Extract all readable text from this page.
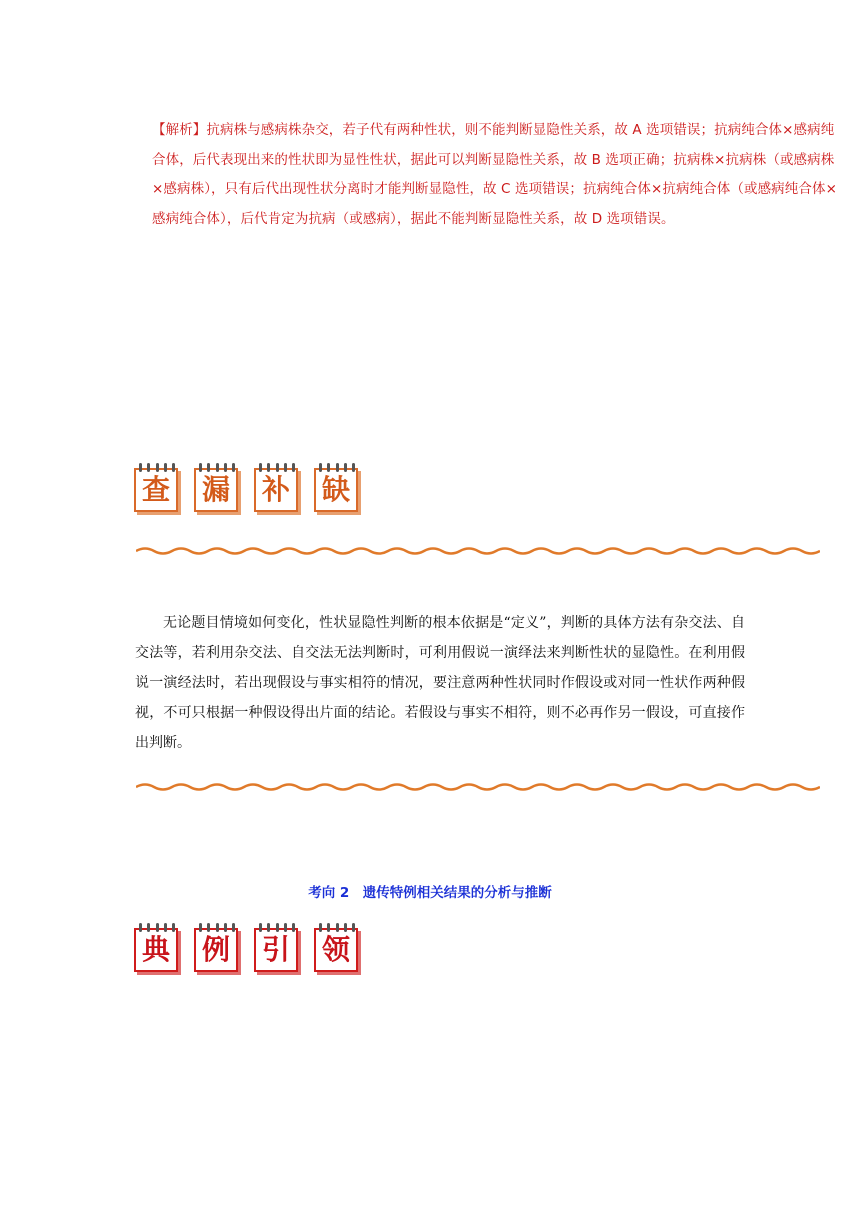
【解析】抗病株与感病株杂交，若子代有两种性状，则不能判断显隐性关系，故 A 选项错误；抗病纯合体×感病纯合体，后代表现出来的性状即为显性性状，据此可以判断显隐性关系，故 B 选项正确；抗病株×抗病株（或感病株×感病株），只有后代出现性状分离时才能判断显隐性，故 C 选项错误；抗病纯合体×抗病纯合体（或感病纯合体×感病纯合体），后代肯定为抗病（或感病），据此不能判断显隐性关系，故 D 选项错误。

查 漏 补 缺

无论题目情境如何变化，性状显隐性判断的根本依据是“定义”，判断的具体方法有杂交法、自交法等，若利用杂交法、自交法无法判断时，可利用假说一演绎法来判断性状的显隐性。在利用假说一演经法时，若出现假设与事实相符的情况，要注意两种性状同时作假设或对同一性状作两种假视，不可只根据一种假设得出片面的结论。若假设与事实不相符，则不必再作另一假设，可直接作出判断。

考向 2　遗传特例相关结果的分析与推断
典 例 引 领
